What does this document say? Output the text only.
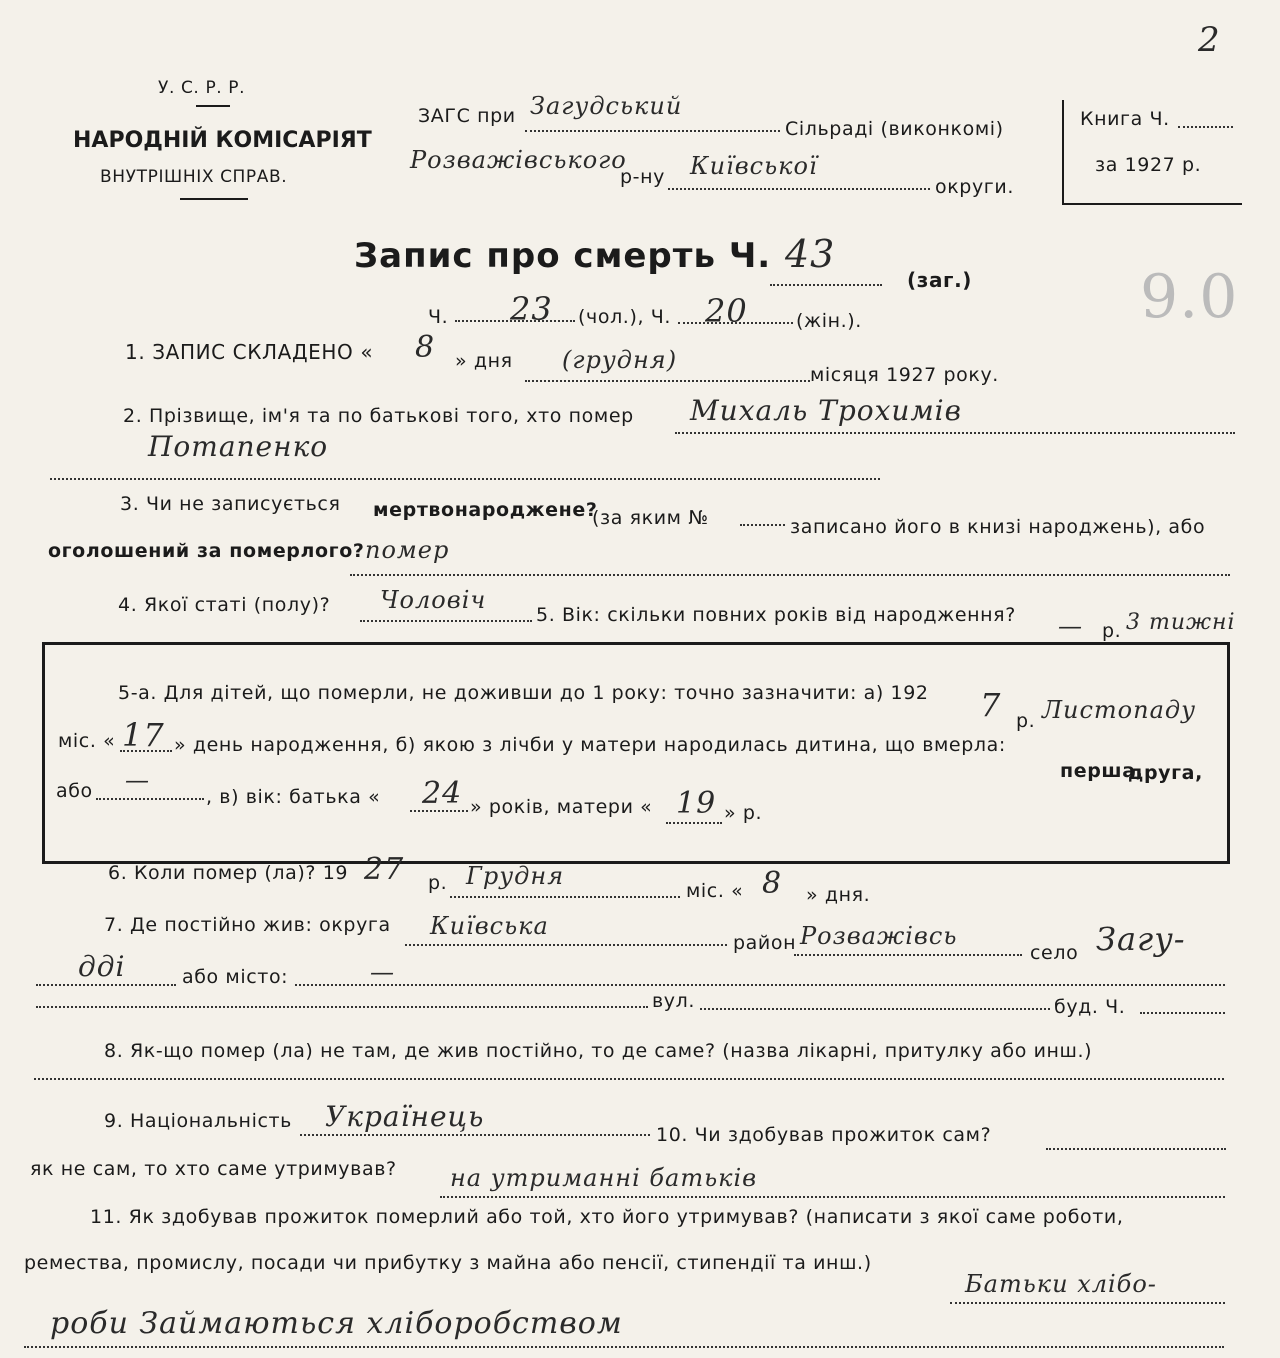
2
9.0
У. С. Р. Р.
НАРОДНІЙ КОМІСАРІЯТ
ВНУТРІШНІХ СПРАВ.
ЗАГС при Загудський
Сільраді (виконкомі)
Розважівського
р-ну Київської
округи.
Книга Ч.
за 1927 р.
Запис про смерть Ч. 43
(заг.)
Ч. 23 (чол.), Ч. 20	(жін.).
1. ЗАПИС СКЛАДЕНО « 8 » дня (грудня)
місяця 1927 року.
2. Прізвище, ім'я та по батькові того, хто помер Михаль Трохимів
Потапенко
3. Чи не записується мертвонароджене?
(за яким №	записано його в книзі народжень), або
оголошений за померлого? помер
4. Якої статі (полу)? Чоловіч
5. Вік: скільки повних років від народження? — р. 3 тижні
5-а. Для дітей, що померли, не доживши до 1 року: точно зазначити: а) 192 7 р. Листопаду
міс. « 17 » день народження, б) якою з лічби у матери народилась дитина, що вмерла:
перша,
друга,
або —
, в) вік: батька « 24 » років, матери « 19 » р.
6. Коли помер (ла)? 19 27 р. Грудня
міс. « 8 » дня.
7. Де постійно жив: округа Київська
район Розважівсь
село Загу-
дді	або місто:	—
вул.	буд. Ч.
8. Як-що помер (ла) не там, де жив постійно, то де саме? (назва лікарні, притулку або инш.)
9. Національність Українець
10. Чи здобував прожиток сам?
як не сам, то хто саме утримував? на утриманні батьків
11. Як здобував прожиток померлий або той, хто його утримував? (написати з якої саме роботи,
ремества, промислу, посади чи прибутку з майна або пенсії, стипендії та инш.)
Батьки хлібо-
роби Займаються хліборобством
